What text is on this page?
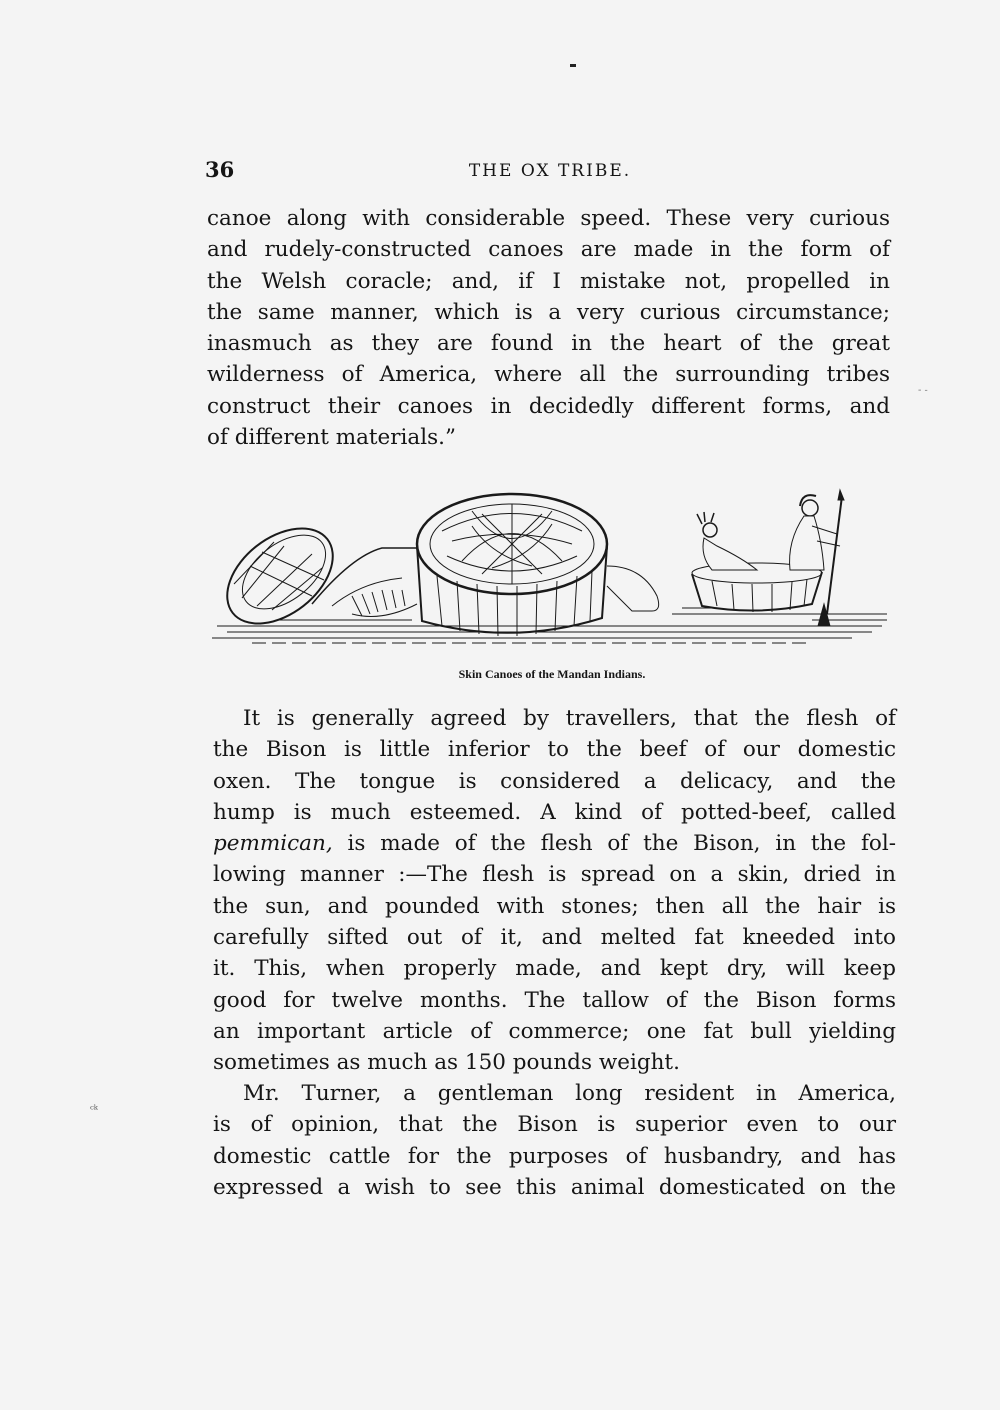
36	THE OX TRIBE.

canoe along with considerable speed. These very curious
and rudely-constructed canoes are made in the form of
the Welsh coracle; and, if I mistake not, propelled in
the same manner, which is a very curious circumstance;
inasmuch as they are found in the heart of the great
wilderness of America, where all the surrounding tribes
construct their canoes in decidedly different forms, and
of different materials.”

Skin Canoes of the Mandan Indians.

It is generally agreed by travellers, that the flesh of
the Bison is little inferior to the beef of our domestic
oxen. The tongue is considered a delicacy, and the
hump is much esteemed. A kind of potted-beef, called
pemmican, is made of the flesh of the Bison, in the fol-
lowing manner :—The flesh is spread on a skin, dried in
the sun, and pounded with stones; then all the hair is
carefully sifted out of it, and melted fat kneeded into
it. This, when properly made, and kept dry, will keep
good for twelve months. The tallow of the Bison forms
an important article of commerce; one fat bull yielding
sometimes as much as 150 pounds weight.

Mr. Turner, a gentleman long resident in America,
is of opinion, that the Bison is superior even to our
domestic cattle for the purposes of husbandry, and has
expressed a wish to see this animal domesticated on the

ᶜᵏ
‐ ˗
